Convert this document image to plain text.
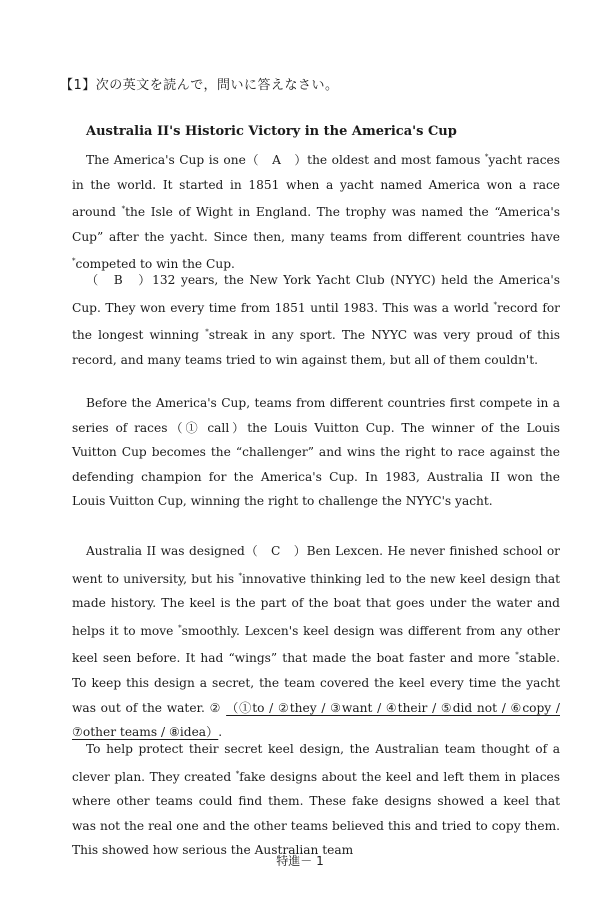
【1】次の英文を読んで，問いに答えなさい。
Australia II's Historic Victory in the America's Cup

The America's Cup is one（　A　）the oldest and most famous *yacht races in the world. It started in 1851 when a yacht named America won a race around *the Isle of Wight in England. The trophy was named the “America's Cup” after the yacht. Since then, many teams from different countries have *competed to win the Cup.

（　B　）132 years, the New York Yacht Club (NYYC) held the America's Cup. They won every time from 1851 until 1983. This was a world *record for the longest winning *streak in any sport. The NYYC was very proud of this record, and many teams tried to win against them, but all of them couldn't.

Before the America's Cup, teams from different countries first compete in a series of races（① call）the Louis Vuitton Cup. The winner of the Louis Vuitton Cup becomes the “challenger” and wins the right to race against the defending champion for the America's Cup. In 1983, Australia II won the Louis Vuitton Cup, winning the right to challenge the NYYC's yacht.

Australia II was designed（　C　）Ben Lexcen. He never finished school or went to university, but his *innovative thinking led to the new keel design that made history. The keel is the part of the boat that goes under the water and helps it to move *smoothly. Lexcen's keel design was different from any other keel seen before. It had “wings” that made the boat faster and more *stable. To keep this design a secret, the team covered the keel every time the yacht was out of the water. ② （①to / ②they / ③want / ④their / ⑤did not / ⑥copy / ⑦other teams / ⑧idea）.

To help protect their secret keel design, the Australian team thought of a clever plan. They created *fake designs about the keel and left them in places where other teams could find them. These fake designs showed a keel that was not the real one and the other teams believed this and tried to copy them. This showed how serious the Australian team

特進－ 1
